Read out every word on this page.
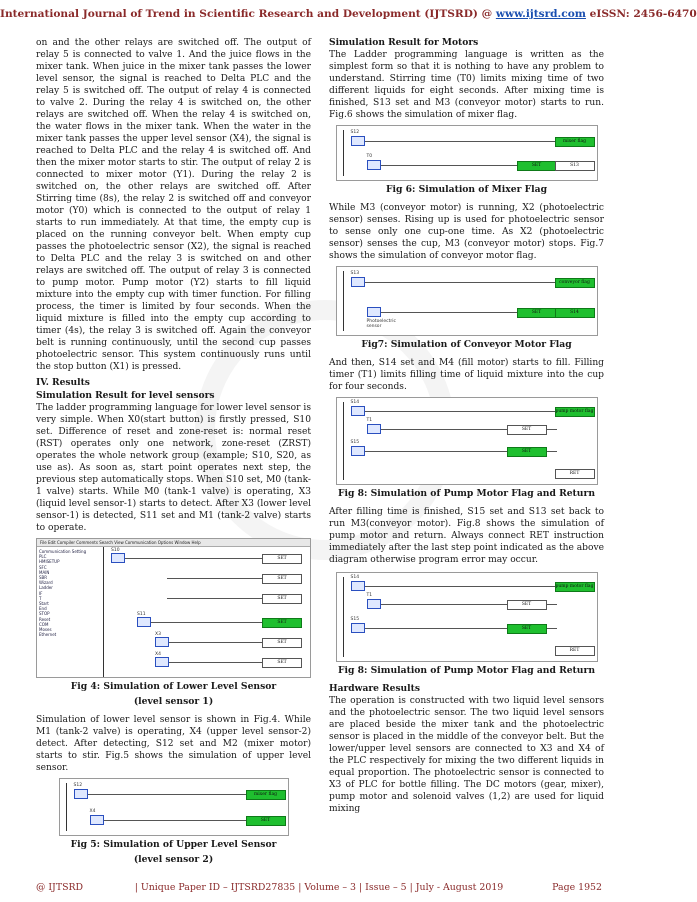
International Journal of Trend in Scientific Research and Development (IJTSRD) @ www.ijtsrd.com eISSN: 2456-6470

on and the other relays are switched off. The output of relay 5 is connected to valve 1. And the juice flows in the mixer tank. When juice in the mixer tank passes the lower level sensor, the signal is reached to Delta PLC and the relay 5 is switched off. The output of relay 4 is connected to valve 2. During the relay 4 is switched on, the other relays are switched off. When the relay 4 is switched on, the water flows in the mixer tank. When the water in the mixer tank passes the upper level sensor (X4), the signal is reached to Delta PLC and the relay 4 is switched off. And then the mixer motor starts to stir. The output of relay 2 is connected to mixer motor (Y1). During the relay 2 is switched on, the other relays are switched off. After Stirring time (8s), the relay 2 is switched off and conveyor motor (Y0) which is connected to the output of relay 1 starts to run immediately. At that time, the empty cup is placed on the running conveyor belt. When empty cup passes the photoelectric sensor (X2), the signal is reached to Delta PLC and the relay 3 is switched on and other relays are switched off. The output of relay 3 is connected to pump motor. Pump motor (Y2) starts to fill liquid mixture into the empty cup with timer function. For filling process, the timer is limited by four seconds. When the liquid mixture is filled into the empty cup according to timer (4s), the relay 3 is switched off. Again the conveyor belt is running continuously, until the second cup passes photoelectric sensor. This system continuously runs until the stop button (X1) is pressed.

IV. Results
Simulation Result for level sensors

The ladder programming language for lower level sensor is very simple. When X0(start button) is firstly pressed, S10 set. Difference of reset and zone-reset is: normal reset (RST) operates only one network, zone-reset (ZRST) operates the whole network group (example; S10, S20, as use as). As soon as, start point operates next step, the previous step automatically stops. When S10 set, M0 (tank-1 valve) starts. While M0 (tank-1 valve) is operating, X3 (liquid level sensor-1) starts to detect. After X3 (lower level sensor-1) is detected, S11 set and M1 (tank-2 valve) starts to operate.

File Edit Compiler Comments Search View Communication Options Window Help
Communication Setting
PLC
HMISETUP
SFC
MAIN
SBR
Wizard
Ladder
IF
T
Start
End
STOP
Reset
COM
Moses
Ethernet
S10
SET
SET
SET
S11
SET
X3
SET
X4
SET
Fig 4: Simulation of Lower Level Sensor
(level sensor 1)

Simulation of lower level sensor is shown in Fig.4. While M1 (tank-2 valve) is operating, X4 (upper level sensor-2) detect. After detecting, S12 set and M2 (mixer motor) starts to stir. Fig.5 shows the simulation of upper level sensor.

S12
mixer flag
X4
SET
Fig 5: Simulation of Upper Level Sensor
(level sensor 2)
Simulation Result for Motors

The Ladder programming language is written as the simplest form so that it is nothing to have any problem to understand. Stirring time (T0) limits mixing time of two different liquids for eight seconds. After mixing time is finished, S13 set and M3 (conveyor motor) starts to run. Fig.6 shows the simulation of mixer flag.

S12
mixer flag
T0
SET	S13
Fig 6: Simulation of Mixer Flag

While M3 (conveyor motor) is running, X2 (photoelectric sensor) senses. Rising up is used for photoelectric sensor to sense only one cup-one time. As X2 (photoelectric sensor) senses the cup, M3 (conveyor motor) stops. Fig.7 shows the simulation of conveyor motor flag.

S13
conveyor flag
Photoelectric sensor
SET	S14
Fig7: Simulation of Conveyor Motor Flag

And then, S14 set and M4 (fill motor) starts to fill. Filling timer (T1) limits filling time of liquid mixture into the cup for four seconds.

S14
pump motor flag
T1
SET
S15
SET
RET
Fig 8: Simulation of Pump Motor Flag and Return

After filling time is finished, S15 set and S13 set back to run M3(conveyor motor). Fig.8 shows the simulation of pump motor and return. Always connect RET instruction immediately after the last step point indicated as the above diagram otherwise program error may occur.

S14
pump motor flag
T1
SET
S15
SET
RET
Fig 8: Simulation of Pump Motor Flag and Return
Hardware Results

The operation is constructed with two liquid level sensors and the photoelectric sensor. The two liquid level sensors are placed beside the mixer tank and the photoelectric sensor is placed in the middle of the conveyor belt. But the lower/upper level sensors are connected to X3 and X4 of the PLC respectively for mixing the two different liquids in equal proportion. The photoelectric sensor is connected to X3 of PLC for bottle filling. The DC motors (gear, mixer), pump motor and solenoid valves (1,2) are used for liquid mixing

@ IJTSRD	| Unique Paper ID – IJTSRD27835 | Volume – 3 | Issue – 5 | July - August 2019	Page 1952
